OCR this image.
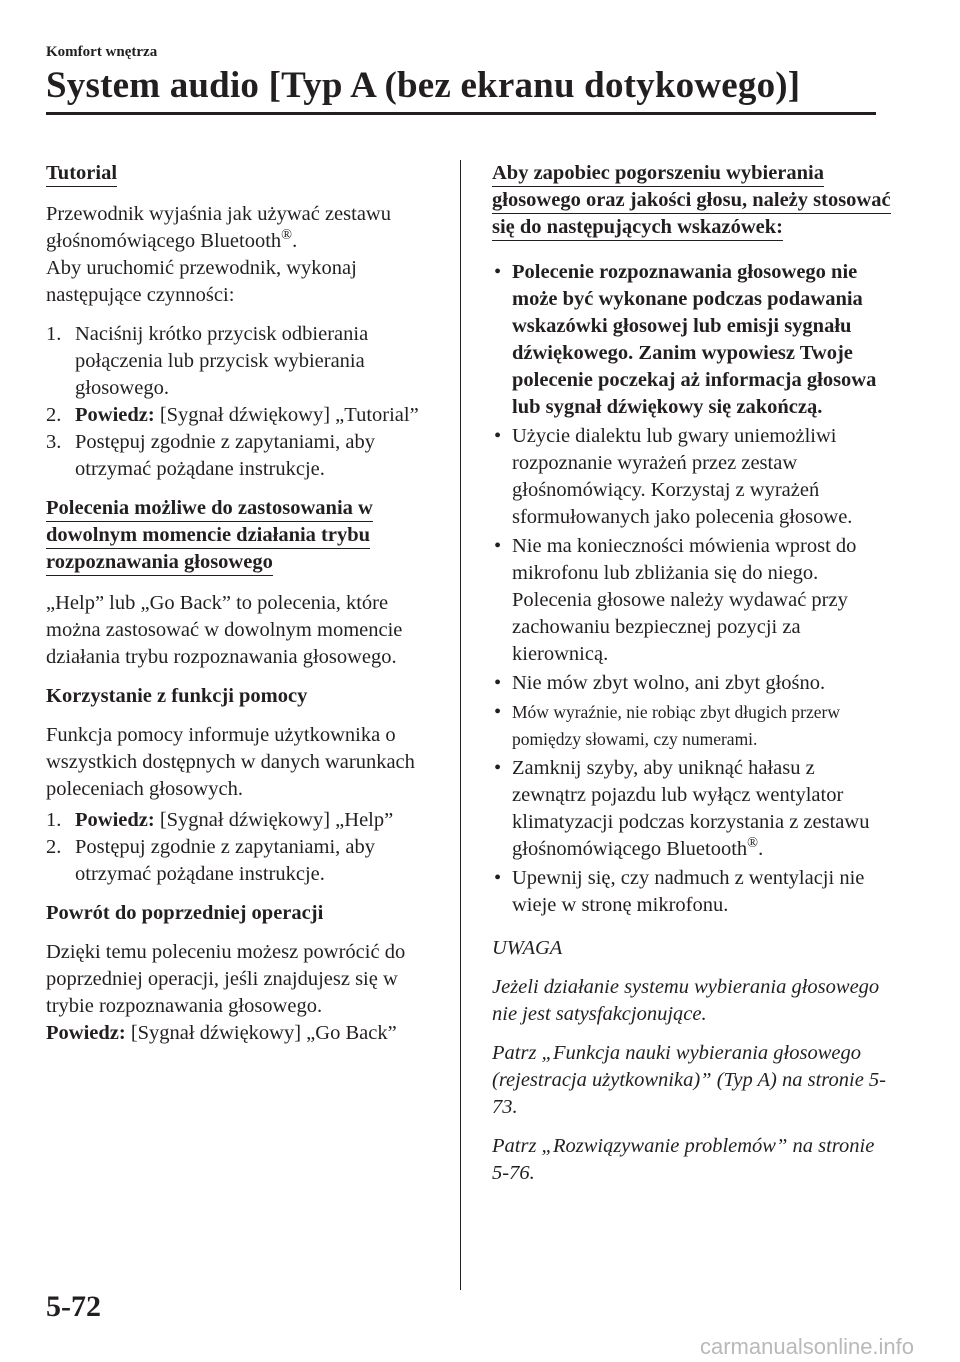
Komfort wnętrza

System audio [Typ A (bez ekranu dotykowego)]
Tutorial

Przewodnik wyjaśnia jak używać zestawu głośnomówiącego Bluetooth®.
Aby uruchomić przewodnik, wykonaj następujące czynności:

1. Naciśnij krótko przycisk odbierania połączenia lub przycisk wybierania głosowego.
2. Powiedz: [Sygnał dźwiękowy] „Tutorial”
3. Postępuj zgodnie z zapytaniami, aby otrzymać pożądane instrukcje.
Polecenia możliwe do zastosowania w dowolnym momencie działania trybu rozpoznawania głosowego

„Help” lub „Go Back” to polecenia, które można zastosować w dowolnym momencie działania trybu rozpoznawania głosowego.

Korzystanie z funkcji pomocy

Funkcja pomocy informuje użytkownika o wszystkich dostępnych w danych warunkach poleceniach głosowych.

1. Powiedz: [Sygnał dźwiękowy] „Help”
2. Postępuj zgodnie z zapytaniami, aby otrzymać pożądane instrukcje.

Powrót do poprzedniej operacji

Dzięki temu poleceniu możesz powrócić do poprzedniej operacji, jeśli znajdujesz się w trybie rozpoznawania głosowego.

Powiedz: [Sygnał dźwiękowy] „Go Back”

Aby zapobiec pogorszeniu wybierania głosowego oraz jakości głosu, należy stosować się do następujących wskazówek:
• Polecenie rozpoznawania głosowego nie może być wykonane podczas podawania wskazówki głosowej lub emisji sygnału dźwiękowego. Zanim wypowiesz Twoje polecenie poczekaj aż informacja głosowa lub sygnał dźwiękowy się zakończą.
• Użycie dialektu lub gwary uniemożliwi rozpoznanie wyrażeń przez zestaw głośnomówiący. Korzystaj z wyrażeń sformułowanych jako polecenia głosowe.
• Nie ma konieczności mówienia wprost do mikrofonu lub zbliżania się do niego. Polecenia głosowe należy wydawać przy zachowaniu bezpiecznej pozycji za kierownicą.
• Nie mów zbyt wolno, ani zbyt głośno.
• Mów wyraźnie, nie robiąc zbyt długich przerw pomiędzy słowami, czy numerami.
• Zamknij szyby, aby uniknąć hałasu z zewnątrz pojazdu lub wyłącz wentylator klimatyzacji podczas korzystania z zestawu głośnomówiącego Bluetooth®.
• Upewnij się, czy nadmuch z wentylacji nie wieje w stronę mikrofonu.

UWAGA

Jeżeli działanie systemu wybierania głosowego nie jest satysfakcjonujące.

Patrz „Funkcja nauki wybierania głosowego (rejestracja użytkownika)” (Typ A) na stronie 5-73.

Patrz „Rozwiązywanie problemów” na stronie 5-76.

5-72

carmanualsonline.info
